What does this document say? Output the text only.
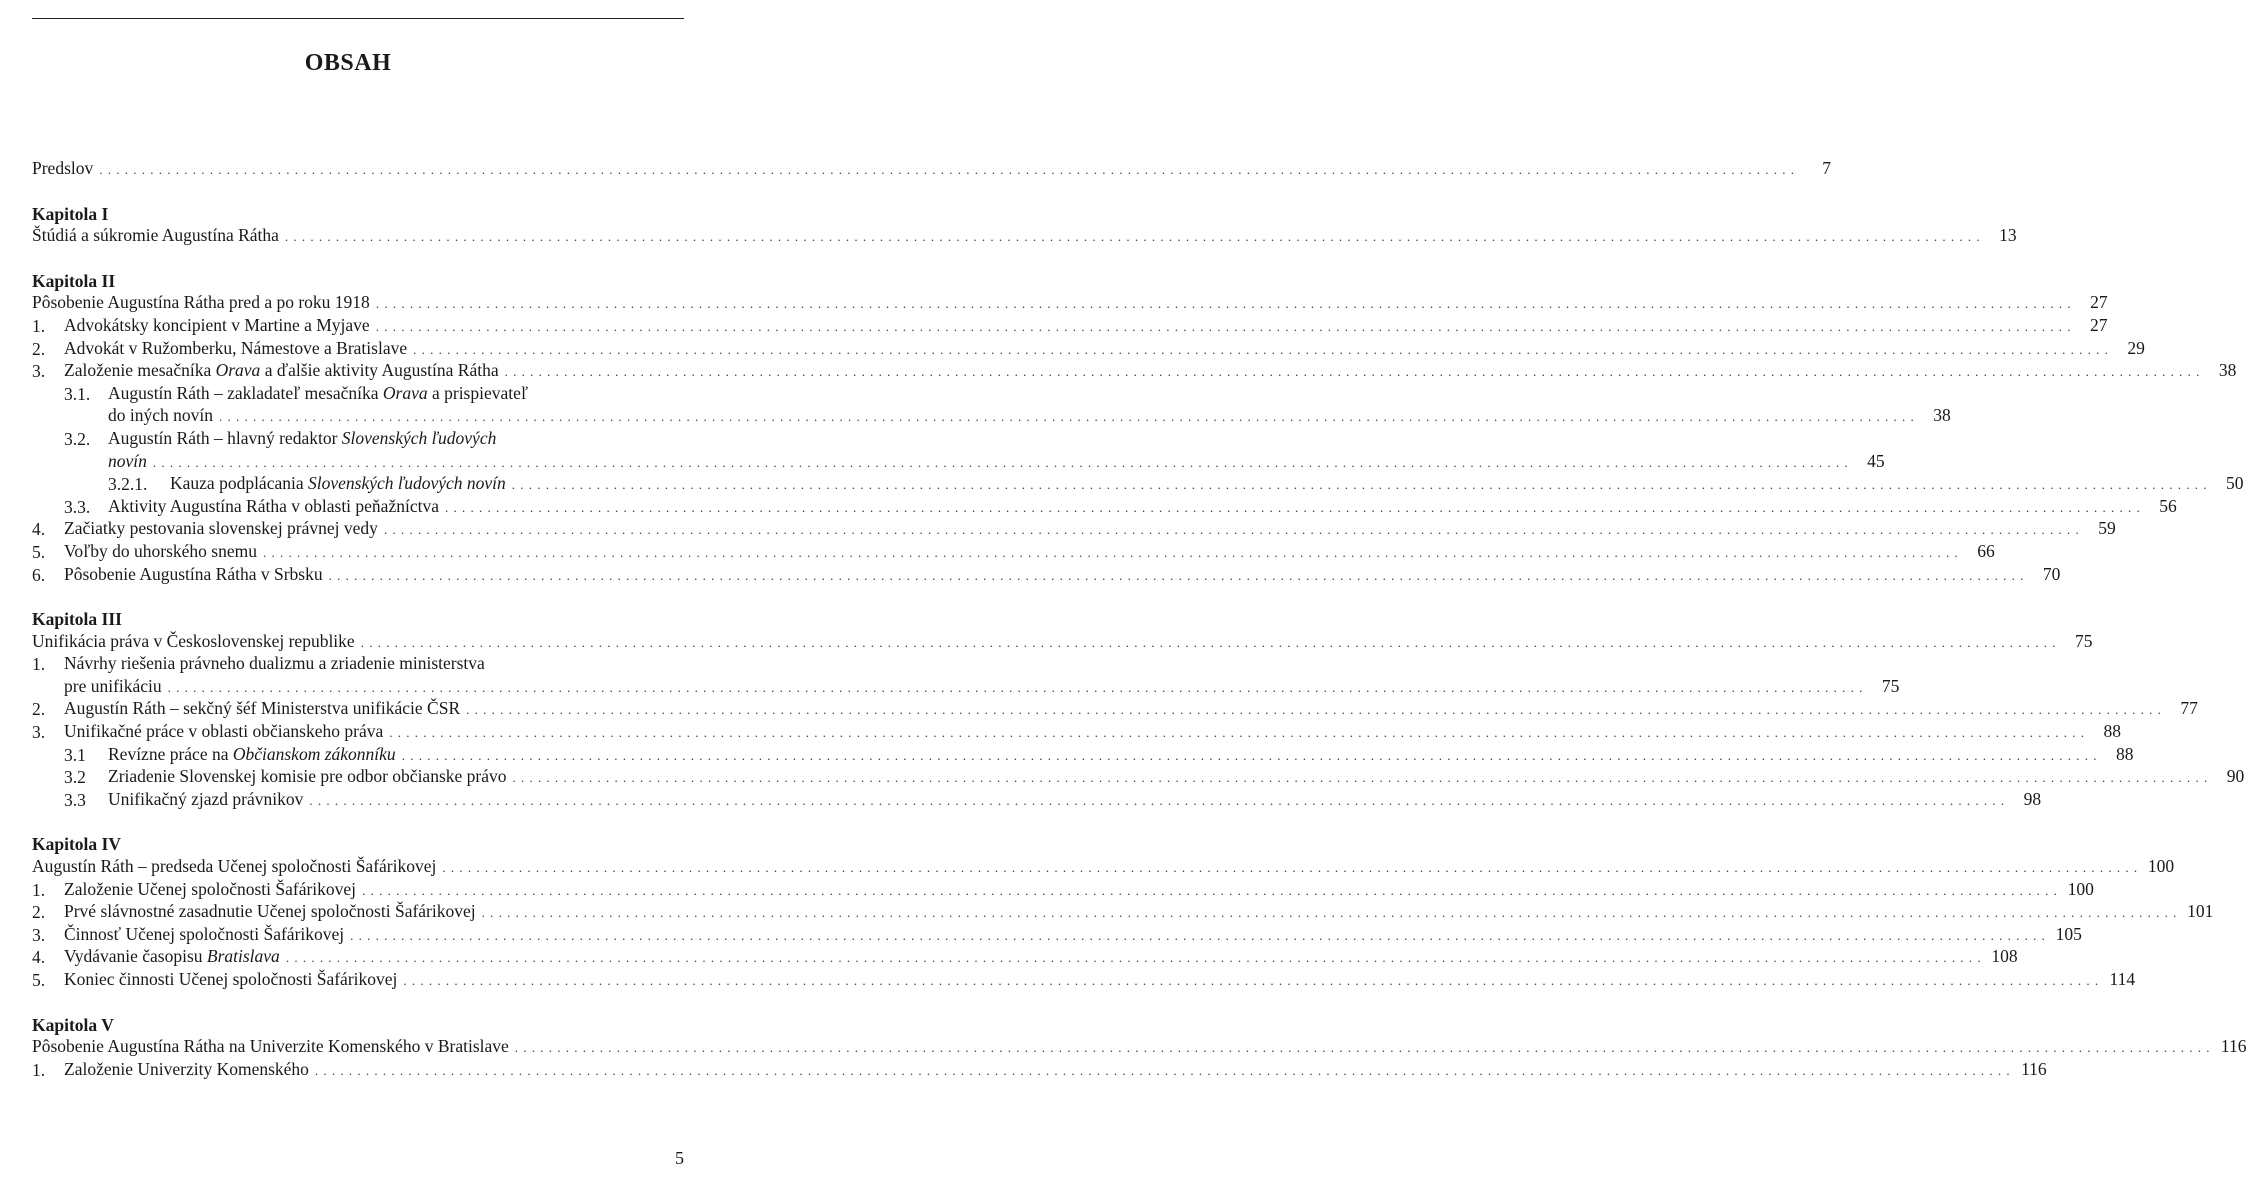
OBSAH
Predslov . . . . . . . . . . . . . . . . . . . . . . . . . . . . . . . . . . . . . . . . . . . . . . . . . . . . . . . . . . . . . . . . . . . . . . . . . . . . . . . . . . . . . . . . . . . . . . . . . . . . . . . . . . . . . . . . . . . . . . . . . . . . . . . . . . . . . . . . . . . . . . . . . . . . . . . . . . . . . . . . . . . . . . . . . . . . . . . . . . . . . . . . . . . . . . . . . . . . . . . .	7
Kapitola I
Štúdiá a súkromie Augustína Rátha . . . . . . . . . . . . . . . . . . . . . . . . . . . . . . . . . . . . . . . . . . . . . . . . . . . . . . . . . . . . . . . . . . . . . . . . . . . . . . . . . . . . . . . . . . . . . . . . . . . . . . . . . . . . . . . . . . . . . . . . . . . . . . . . . . . . . . . . . . . . . . . . . . . . . . . . . . . . . . . . . . . . . . . . . . . . . . . . . . . . . . . . . . . . . . . . . . . . . . . .	13
Kapitola II
Pôsobenie Augustína Rátha pred a po roku 1918 . . . . . . . . . . . . . . . . . . . . . . . . . . . . . . . . . . . . . . . . . . . . . . . . . . . . . . . . . . . . . . . . . . . . . . . . . . . . . . . . . . . . . . . . . . . . . . . . . . . . . . . . . . . . . . . . . . . . . . . . . . . . . . . . . . . . . . . . . . . . . . . . . . . . . . . . . . . . . . . . . . . . . . . . . . . . . . . . . . . . . . . . . . . . . . . . . . . . . . . .	27
1. Advokátsky koncipient v Martine a Myjave . . . . . . . . . . . . . . . . . . . . . . . . . . . . . . . . . . . . . . . . . . . . . . . . . . . . . . . . . . . . . . . . . . . . . . . . . . . . . . . . . . . . . . . . . . . . . . . . . . . . . . . . . . . . . . . . . . . . . . . . . . . . . . . . . . . . . . . . . . . . . . . . . . . . . . . . . . . . . . . . . . . . . . . . . . . . . . . . . . . . . . . . . . . . . . . . . . . . . . . .	27
2. Advokát v Ružomberku, Námestove a Bratislave . . . . . . . . . . . . . . . . . . . . . . . . . . . . . . . . . . . . . . . . . . . . . . . . . . . . . . . . . . . . . . . . . . . . . . . . . . . . . . . . . . . . . . . . . . . . . . . . . . . . . . . . . . . . . . . . . . . . . . . . . . . . . . . . . . . . . . . . . . . . . . . . . . . . . . . . . . . . . . . . . . . . . . . . . . . . . . . . . . . . . . . . . . . . . . . . . . . . . . . .	29
3. Založenie mesačníka Orava a ďalšie aktivity Augustína Rátha . . . . . . . . . . . . . . . . . . . . . . . . . . . . . . . . . . . . . . . . . . . . . . . . . . . . . . . . . . . . . . . . . . . . . . . . . . . . . . . . . . . . . . . . . . . . . . . . . . . . . . . . . . . . . . . . . . . . . . . . . . . . . . . . . . . . . . . . . . . . . . . . . . . . . . . . . . . . . . . . . . . . . . . . . . . . . . . . . . . . . . . . . . . . . . . . . . . . . . . .	38
3.1. Augustín Ráth – zakladateľ mesačníka Orava a prispievateľ
do iných novín . . . . . . . . . . . . . . . . . . . . . . . . . . . . . . . . . . . . . . . . . . . . . . . . . . . . . . . . . . . . . . . . . . . . . . . . . . . . . . . . . . . . . . . . . . . . . . . . . . . . . . . . . . . . . . . . . . . . . . . . . . . . . . . . . . . . . . . . . . . . . . . . . . . . . . . . . . . . . . . . . . . . . . . . . . . . . . . . . . . . . . . . . . . . . . . . . . . . . . . .	38
3.2. Augustín Ráth – hlavný redaktor Slovenských ľudových
novín . . . . . . . . . . . . . . . . . . . . . . . . . . . . . . . . . . . . . . . . . . . . . . . . . . . . . . . . . . . . . . . . . . . . . . . . . . . . . . . . . . . . . . . . . . . . . . . . . . . . . . . . . . . . . . . . . . . . . . . . . . . . . . . . . . . . . . . . . . . . . . . . . . . . . . . . . . . . . . . . . . . . . . . . . . . . . . . . . . . . . . . . . . . . . . . . . . . . . . . .	45
3.2.1. Kauza podplácania Slovenských ľudových novín . . . . . . . . . . . . . . . . . . . . . . . . . . . . . . . . . . . . . . . . . . . . . . . . . . . . . . . . . . . . . . . . . . . . . . . . . . . . . . . . . . . . . . . . . . . . . . . . . . . . . . . . . . . . . . . . . . . . . . . . . . . . . . . . . . . . . . . . . . . . . . . . . . . . . . . . . . . . . . . . . . . . . . . . . . . . . . . . . . . . . . . . . . . . . . . . . . . . . . . .	50
3.3. Aktivity Augustína Rátha v oblasti peňažníctva . . . . . . . . . . . . . . . . . . . . . . . . . . . . . . . . . . . . . . . . . . . . . . . . . . . . . . . . . . . . . . . . . . . . . . . . . . . . . . . . . . . . . . . . . . . . . . . . . . . . . . . . . . . . . . . . . . . . . . . . . . . . . . . . . . . . . . . . . . . . . . . . . . . . . . . . . . . . . . . . . . . . . . . . . . . . . . . . . . . . . . . . . . . . . . . . . . . . . . . .	56
4. Začiatky pestovania slovenskej právnej vedy . . . . . . . . . . . . . . . . . . . . . . . . . . . . . . . . . . . . . . . . . . . . . . . . . . . . . . . . . . . . . . . . . . . . . . . . . . . . . . . . . . . . . . . . . . . . . . . . . . . . . . . . . . . . . . . . . . . . . . . . . . . . . . . . . . . . . . . . . . . . . . . . . . . . . . . . . . . . . . . . . . . . . . . . . . . . . . . . . . . . . . . . . . . . . . . . . . . . . . . .	59
5. Voľby do uhorského snemu . . . . . . . . . . . . . . . . . . . . . . . . . . . . . . . . . . . . . . . . . . . . . . . . . . . . . . . . . . . . . . . . . . . . . . . . . . . . . . . . . . . . . . . . . . . . . . . . . . . . . . . . . . . . . . . . . . . . . . . . . . . . . . . . . . . . . . . . . . . . . . . . . . . . . . . . . . . . . . . . . . . . . . . . . . . . . . . . . . . . . . . . . . . . . . . . . . . . . . . .	66
6. Pôsobenie Augustína Rátha v Srbsku . . . . . . . . . . . . . . . . . . . . . . . . . . . . . . . . . . . . . . . . . . . . . . . . . . . . . . . . . . . . . . . . . . . . . . . . . . . . . . . . . . . . . . . . . . . . . . . . . . . . . . . . . . . . . . . . . . . . . . . . . . . . . . . . . . . . . . . . . . . . . . . . . . . . . . . . . . . . . . . . . . . . . . . . . . . . . . . . . . . . . . . . . . . . . . . . . . . . . . . .	70
Kapitola III
Unifikácia práva v Československej republike . . . . . . . . . . . . . . . . . . . . . . . . . . . . . . . . . . . . . . . . . . . . . . . . . . . . . . . . . . . . . . . . . . . . . . . . . . . . . . . . . . . . . . . . . . . . . . . . . . . . . . . . . . . . . . . . . . . . . . . . . . . . . . . . . . . . . . . . . . . . . . . . . . . . . . . . . . . . . . . . . . . . . . . . . . . . . . . . . . . . . . . . . . . . . . . . . . . . . . . .	75
1. Návrhy riešenia právneho dualizmu a zriadenie ministerstva
pre unifikáciu . . . . . . . . . . . . . . . . . . . . . . . . . . . . . . . . . . . . . . . . . . . . . . . . . . . . . . . . . . . . . . . . . . . . . . . . . . . . . . . . . . . . . . . . . . . . . . . . . . . . . . . . . . . . . . . . . . . . . . . . . . . . . . . . . . . . . . . . . . . . . . . . . . . . . . . . . . . . . . . . . . . . . . . . . . . . . . . . . . . . . . . . . . . . . . . . . . . . . . . .	75
2. Augustín Ráth – sekčný šéf Ministerstva unifikácie ČSR . . . . . . . . . . . . . . . . . . . . . . . . . . . . . . . . . . . . . . . . . . . . . . . . . . . . . . . . . . . . . . . . . . . . . . . . . . . . . . . . . . . . . . . . . . . . . . . . . . . . . . . . . . . . . . . . . . . . . . . . . . . . . . . . . . . . . . . . . . . . . . . . . . . . . . . . . . . . . . . . . . . . . . . . . . . . . . . . . . . . . . . . . . . . . . . . . . . . . . . .	77
3. Unifikačné práce v oblasti občianskeho práva . . . . . . . . . . . . . . . . . . . . . . . . . . . . . . . . . . . . . . . . . . . . . . . . . . . . . . . . . . . . . . . . . . . . . . . . . . . . . . . . . . . . . . . . . . . . . . . . . . . . . . . . . . . . . . . . . . . . . . . . . . . . . . . . . . . . . . . . . . . . . . . . . . . . . . . . . . . . . . . . . . . . . . . . . . . . . . . . . . . . . . . . . . . . . . . . . . . . . . . .	88
3.1 Revízne práce na Občianskom zákonníku . . . . . . . . . . . . . . . . . . . . . . . . . . . . . . . . . . . . . . . . . . . . . . . . . . . . . . . . . . . . . . . . . . . . . . . . . . . . . . . . . . . . . . . . . . . . . . . . . . . . . . . . . . . . . . . . . . . . . . . . . . . . . . . . . . . . . . . . . . . . . . . . . . . . . . . . . . . . . . . . . . . . . . . . . . . . . . . . . . . . . . . . . . . . . . . . . . . . . . . .	88
3.2 Zriadenie Slovenskej komisie pre odbor občianske právo . . . . . . . . . . . . . . . . . . . . . . . . . . . . . . . . . . . . . . . . . . . . . . . . . . . . . . . . . . . . . . . . . . . . . . . . . . . . . . . . . . . . . . . . . . . . . . . . . . . . . . . . . . . . . . . . . . . . . . . . . . . . . . . . . . . . . . . . . . . . . . . . . . . . . . . . . . . . . . . . . . . . . . . . . . . . . . . . . . . . . . . . . . . . . . . . . . . . . . . .	90
3.3 Unifikačný zjazd právnikov . . . . . . . . . . . . . . . . . . . . . . . . . . . . . . . . . . . . . . . . . . . . . . . . . . . . . . . . . . . . . . . . . . . . . . . . . . . . . . . . . . . . . . . . . . . . . . . . . . . . . . . . . . . . . . . . . . . . . . . . . . . . . . . . . . . . . . . . . . . . . . . . . . . . . . . . . . . . . . . . . . . . . . . . . . . . . . . . . . . . . . . . . . . . . . . . . . . . . . . .	98
Kapitola IV
Augustín Ráth – predseda Učenej spoločnosti Šafárikovej . . . . . . . . . . . . . . . . . . . . . . . . . . . . . . . . . . . . . . . . . . . . . . . . . . . . . . . . . . . . . . . . . . . . . . . . . . . . . . . . . . . . . . . . . . . . . . . . . . . . . . . . . . . . . . . . . . . . . . . . . . . . . . . . . . . . . . . . . . . . . . . . . . . . . . . . . . . . . . . . . . . . . . . . . . . . . . . . . . . . . . . . . . . . . . . . . . . . . . . . 100
1. Založenie Učenej spoločnosti Šafárikovej . . . . . . . . . . . . . . . . . . . . . . . . . . . . . . . . . . . . . . . . . . . . . . . . . . . . . . . . . . . . . . . . . . . . . . . . . . . . . . . . . . . . . . . . . . . . . . . . . . . . . . . . . . . . . . . . . . . . . . . . . . . . . . . . . . . . . . . . . . . . . . . . . . . . . . . . . . . . . . . . . . . . . . . . . . . . . . . . . . . . . . . . . . . . . . . . . . . . . . . . 100
2. Prvé slávnostné zasadnutie Učenej spoločnosti Šafárikovej . . . . . . . . . . . . . . . . . . . . . . . . . . . . . . . . . . . . . . . . . . . . . . . . . . . . . . . . . . . . . . . . . . . . . . . . . . . . . . . . . . . . . . . . . . . . . . . . . . . . . . . . . . . . . . . . . . . . . . . . . . . . . . . . . . . . . . . . . . . . . . . . . . . . . . . . . . . . . . . . . . . . . . . . . . . . . . . . . . . . . . . . . . . . . . . . . . . . . . . . 101
3. Činnosť Učenej spoločnosti Šafárikovej . . . . . . . . . . . . . . . . . . . . . . . . . . . . . . . . . . . . . . . . . . . . . . . . . . . . . . . . . . . . . . . . . . . . . . . . . . . . . . . . . . . . . . . . . . . . . . . . . . . . . . . . . . . . . . . . . . . . . . . . . . . . . . . . . . . . . . . . . . . . . . . . . . . . . . . . . . . . . . . . . . . . . . . . . . . . . . . . . . . . . . . . . . . . . . . . . . . . . . . . 105
4. Vydávanie časopisu Bratislava . . . . . . . . . . . . . . . . . . . . . . . . . . . . . . . . . . . . . . . . . . . . . . . . . . . . . . . . . . . . . . . . . . . . . . . . . . . . . . . . . . . . . . . . . . . . . . . . . . . . . . . . . . . . . . . . . . . . . . . . . . . . . . . . . . . . . . . . . . . . . . . . . . . . . . . . . . . . . . . . . . . . . . . . . . . . . . . . . . . . . . . . . . . . . . . . . . . . . . . . 108
5. Koniec činnosti Učenej spoločnosti Šafárikovej . . . . . . . . . . . . . . . . . . . . . . . . . . . . . . . . . . . . . . . . . . . . . . . . . . . . . . . . . . . . . . . . . . . . . . . . . . . . . . . . . . . . . . . . . . . . . . . . . . . . . . . . . . . . . . . . . . . . . . . . . . . . . . . . . . . . . . . . . . . . . . . . . . . . . . . . . . . . . . . . . . . . . . . . . . . . . . . . . . . . . . . . . . . . . . . . . . . . . . . . 114
Kapitola V
Pôsobenie Augustína Rátha na Univerzite Komenského v Bratislave . . . . . . . . . . . . . . . . . . . . . . . . . . . . . . . . . . . . . . . . . . . . . . . . . . . . . . . . . . . . . . . . . . . . . . . . . . . . . . . . . . . . . . . . . . . . . . . . . . . . . . . . . . . . . . . . . . . . . . . . . . . . . . . . . . . . . . . . . . . . . . . . . . . . . . . . . . . . . . . . . . . . . . . . . . . . . . . . . . . . . . . . . . . . . . . . . . . . . . . . 116
1. Založenie Univerzity Komenského . . . . . . . . . . . . . . . . . . . . . . . . . . . . . . . . . . . . . . . . . . . . . . . . . . . . . . . . . . . . . . . . . . . . . . . . . . . . . . . . . . . . . . . . . . . . . . . . . . . . . . . . . . . . . . . . . . . . . . . . . . . . . . . . . . . . . . . . . . . . . . . . . . . . . . . . . . . . . . . . . . . . . . . . . . . . . . . . . . . . . . . . . . . . . . . . . . . . . . . . 116
5
